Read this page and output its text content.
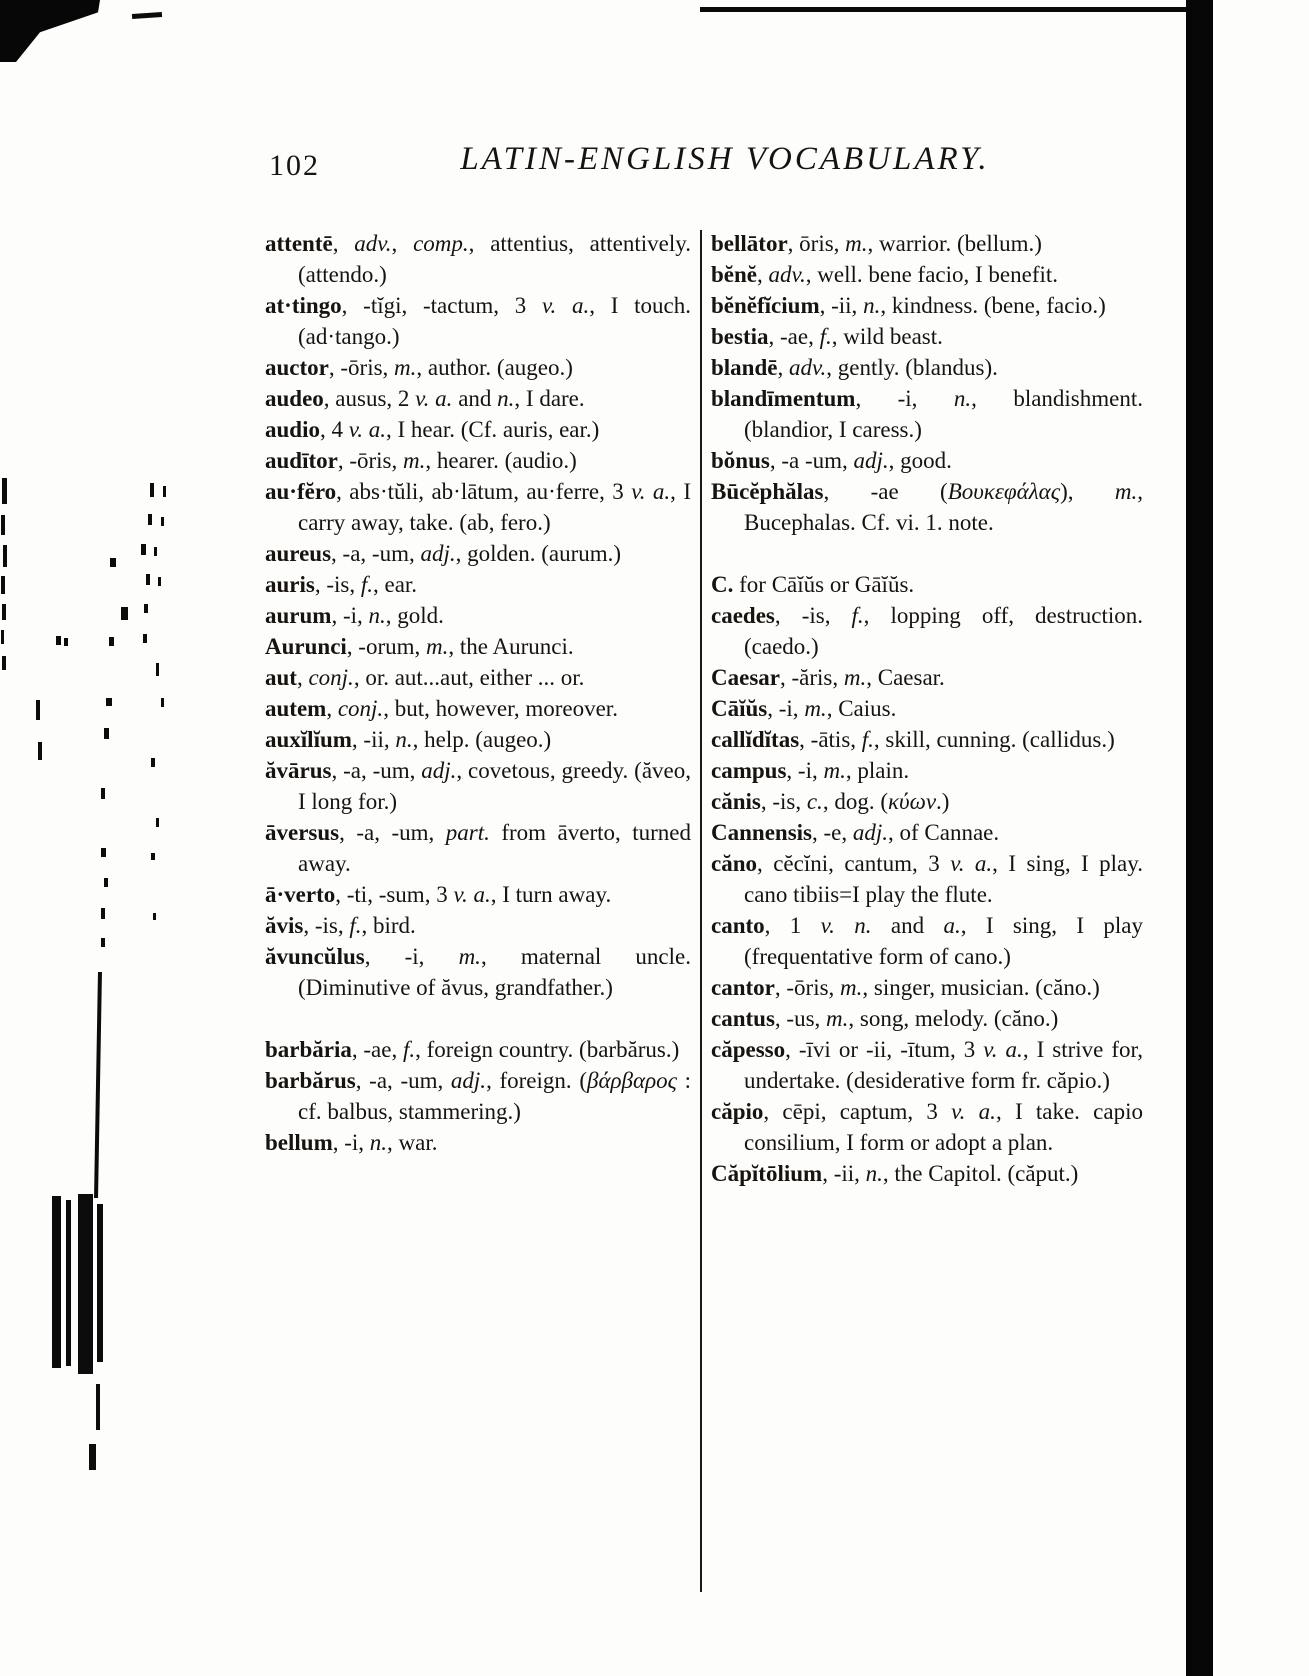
102	LATIN-ENGLISH VOCABULARY.

attentē, adv., comp., attentius, attentively. (attendo.)

at·tingo, -tĭgi, -tactum, 3 v. a., I touch. (ad·tango.)

auctor, -ōris, m., author. (augeo.)

audeo, ausus, 2 v. a. and n., I dare.

audio, 4 v. a., I hear. (Cf. auris, ear.)

audītor, -ōris, m., hearer. (audio.)

au·fĕro, abs·tŭli, ab·lātum, au·ferre, 3 v. a., I carry away, take. (ab, fero.)

aureus, -a, -um, adj., golden. (aurum.)

auris, -is, f., ear.

aurum, -i, n., gold.

Aurunci, -orum, m., the Aurunci.

aut, conj., or. aut...aut, either ... or.

autem, conj., but, however, moreover.

auxĭlĭum, -ii, n., help. (augeo.)

ăvārus, -a, -um, adj., covetous, greedy. (ăveo, I long for.)

āversus, -a, -um, part. from āverto, turned away.

ā·verto, -ti, -sum, 3 v. a., I turn away.

ăvis, -is, f., bird.

ăvuncŭlus, -i, m., maternal uncle. (Diminutive of ăvus, grandfather.)

barbăria, -ae, f., foreign country. (barbărus.)

barbărus, -a, -um, adj., foreign. (βάρβαρος : cf. balbus, stammering.)

bellum, -i, n., war.

bellātor, ōris, m., warrior. (bellum.)

bĕnĕ, adv., well. bene facio, I benefit.

bĕnĕfĭcium, -ii, n., kindness. (bene, facio.)

bestia, -ae, f., wild beast.

blandē, adv., gently. (blandus).

blandīmentum, -i, n., blandishment. (blandior, I caress.)

bŏnus, -a -um, adj., good.

Būcĕphălas, -ae (Βουκεφάλας), m., Bucephalas. Cf. vi. 1. note.

C. for Cāĭŭs or Gāĭŭs.

caedes, -is, f., lopping off, destruction. (caedo.)

Caesar, -ăris, m., Caesar.

Cāĭŭs, -i, m., Caius.

callĭdĭtas, -ātis, f., skill, cunning. (callidus.)

campus, -i, m., plain.

cănis, -is, c., dog. (κύων.)

Cannensis, -e, adj., of Cannae.

căno, cĕcĭni, cantum, 3 v. a., I sing, I play. cano tibiis=I play the flute.

canto, 1 v. n. and a., I sing, I play (frequentative form of cano.)

cantor, -ōris, m., singer, musician. (căno.)

cantus, -us, m., song, melody. (căno.)

căpesso, -īvi or -ii, -ītum, 3 v. a., I strive for, undertake. (desiderative form fr. căpio.)

căpio, cēpi, captum, 3 v. a., I take. capio consilium, I form or adopt a plan.

Căpĭtōlium, -ii, n., the Capitol. (căput.)
